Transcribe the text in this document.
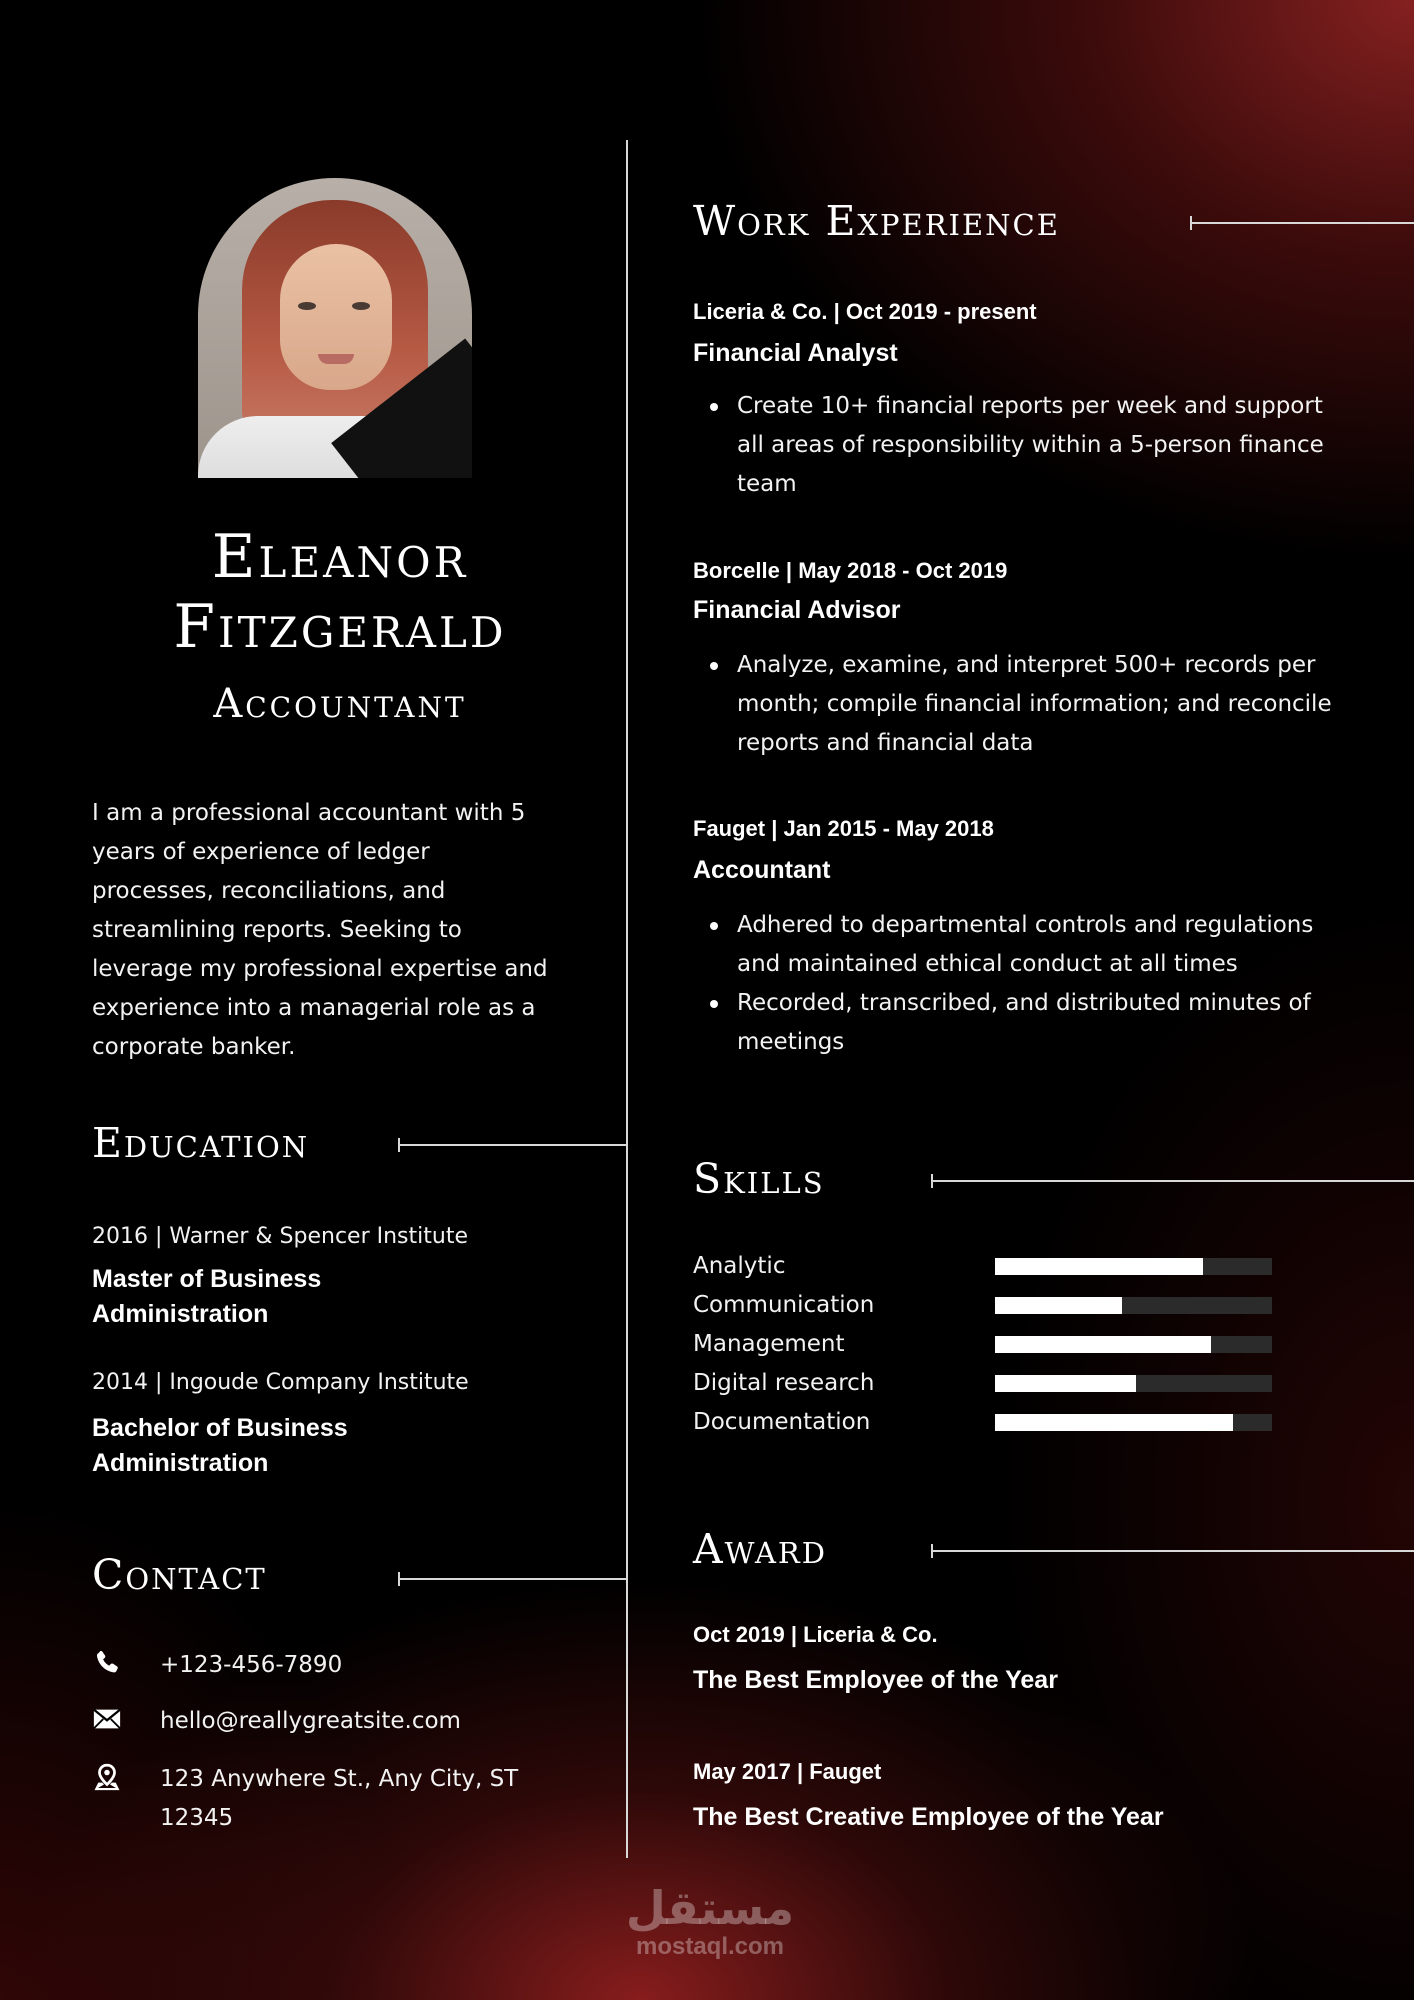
Eleanor
Fitzgerald
Accountant

I am a professional accountant with 5 years of experience of ledger processes, reconciliations, and streamlining reports. Seeking to leverage my professional expertise and experience into a managerial role as a corporate banker.

Education
2016 | Warner & Spencer Institute
Master of Business Administration
2014 | Ingoude Company Institute
Bachelor of Business Administration
Contact
+123-456-7890
hello@reallygreatsite.com
123 Anywhere St., Any City, ST 12345
Work Experience
Liceria & Co. | Oct 2019 - present
Financial Analyst
Create 10+ financial reports per week and support all areas of responsibility within a 5-person finance team
Borcelle | May 2018 - Oct 2019
Financial Advisor
Analyze, examine, and interpret 500+ records per month; compile financial information; and reconcile reports and financial data
Fauget | Jan 2015 - May 2018
Accountant
Adhered to departmental controls and regulations and maintained ethical conduct at all times
Recorded, transcribed, and distributed minutes of meetings
Skills
Analytic
Communication
Management
Digital research
Documentation
Award
Oct 2019 | Liceria & Co.
The Best Employee of the Year
May 2017 | Fauget
The Best Creative Employee of the Year
مستقل
mostaql.com
